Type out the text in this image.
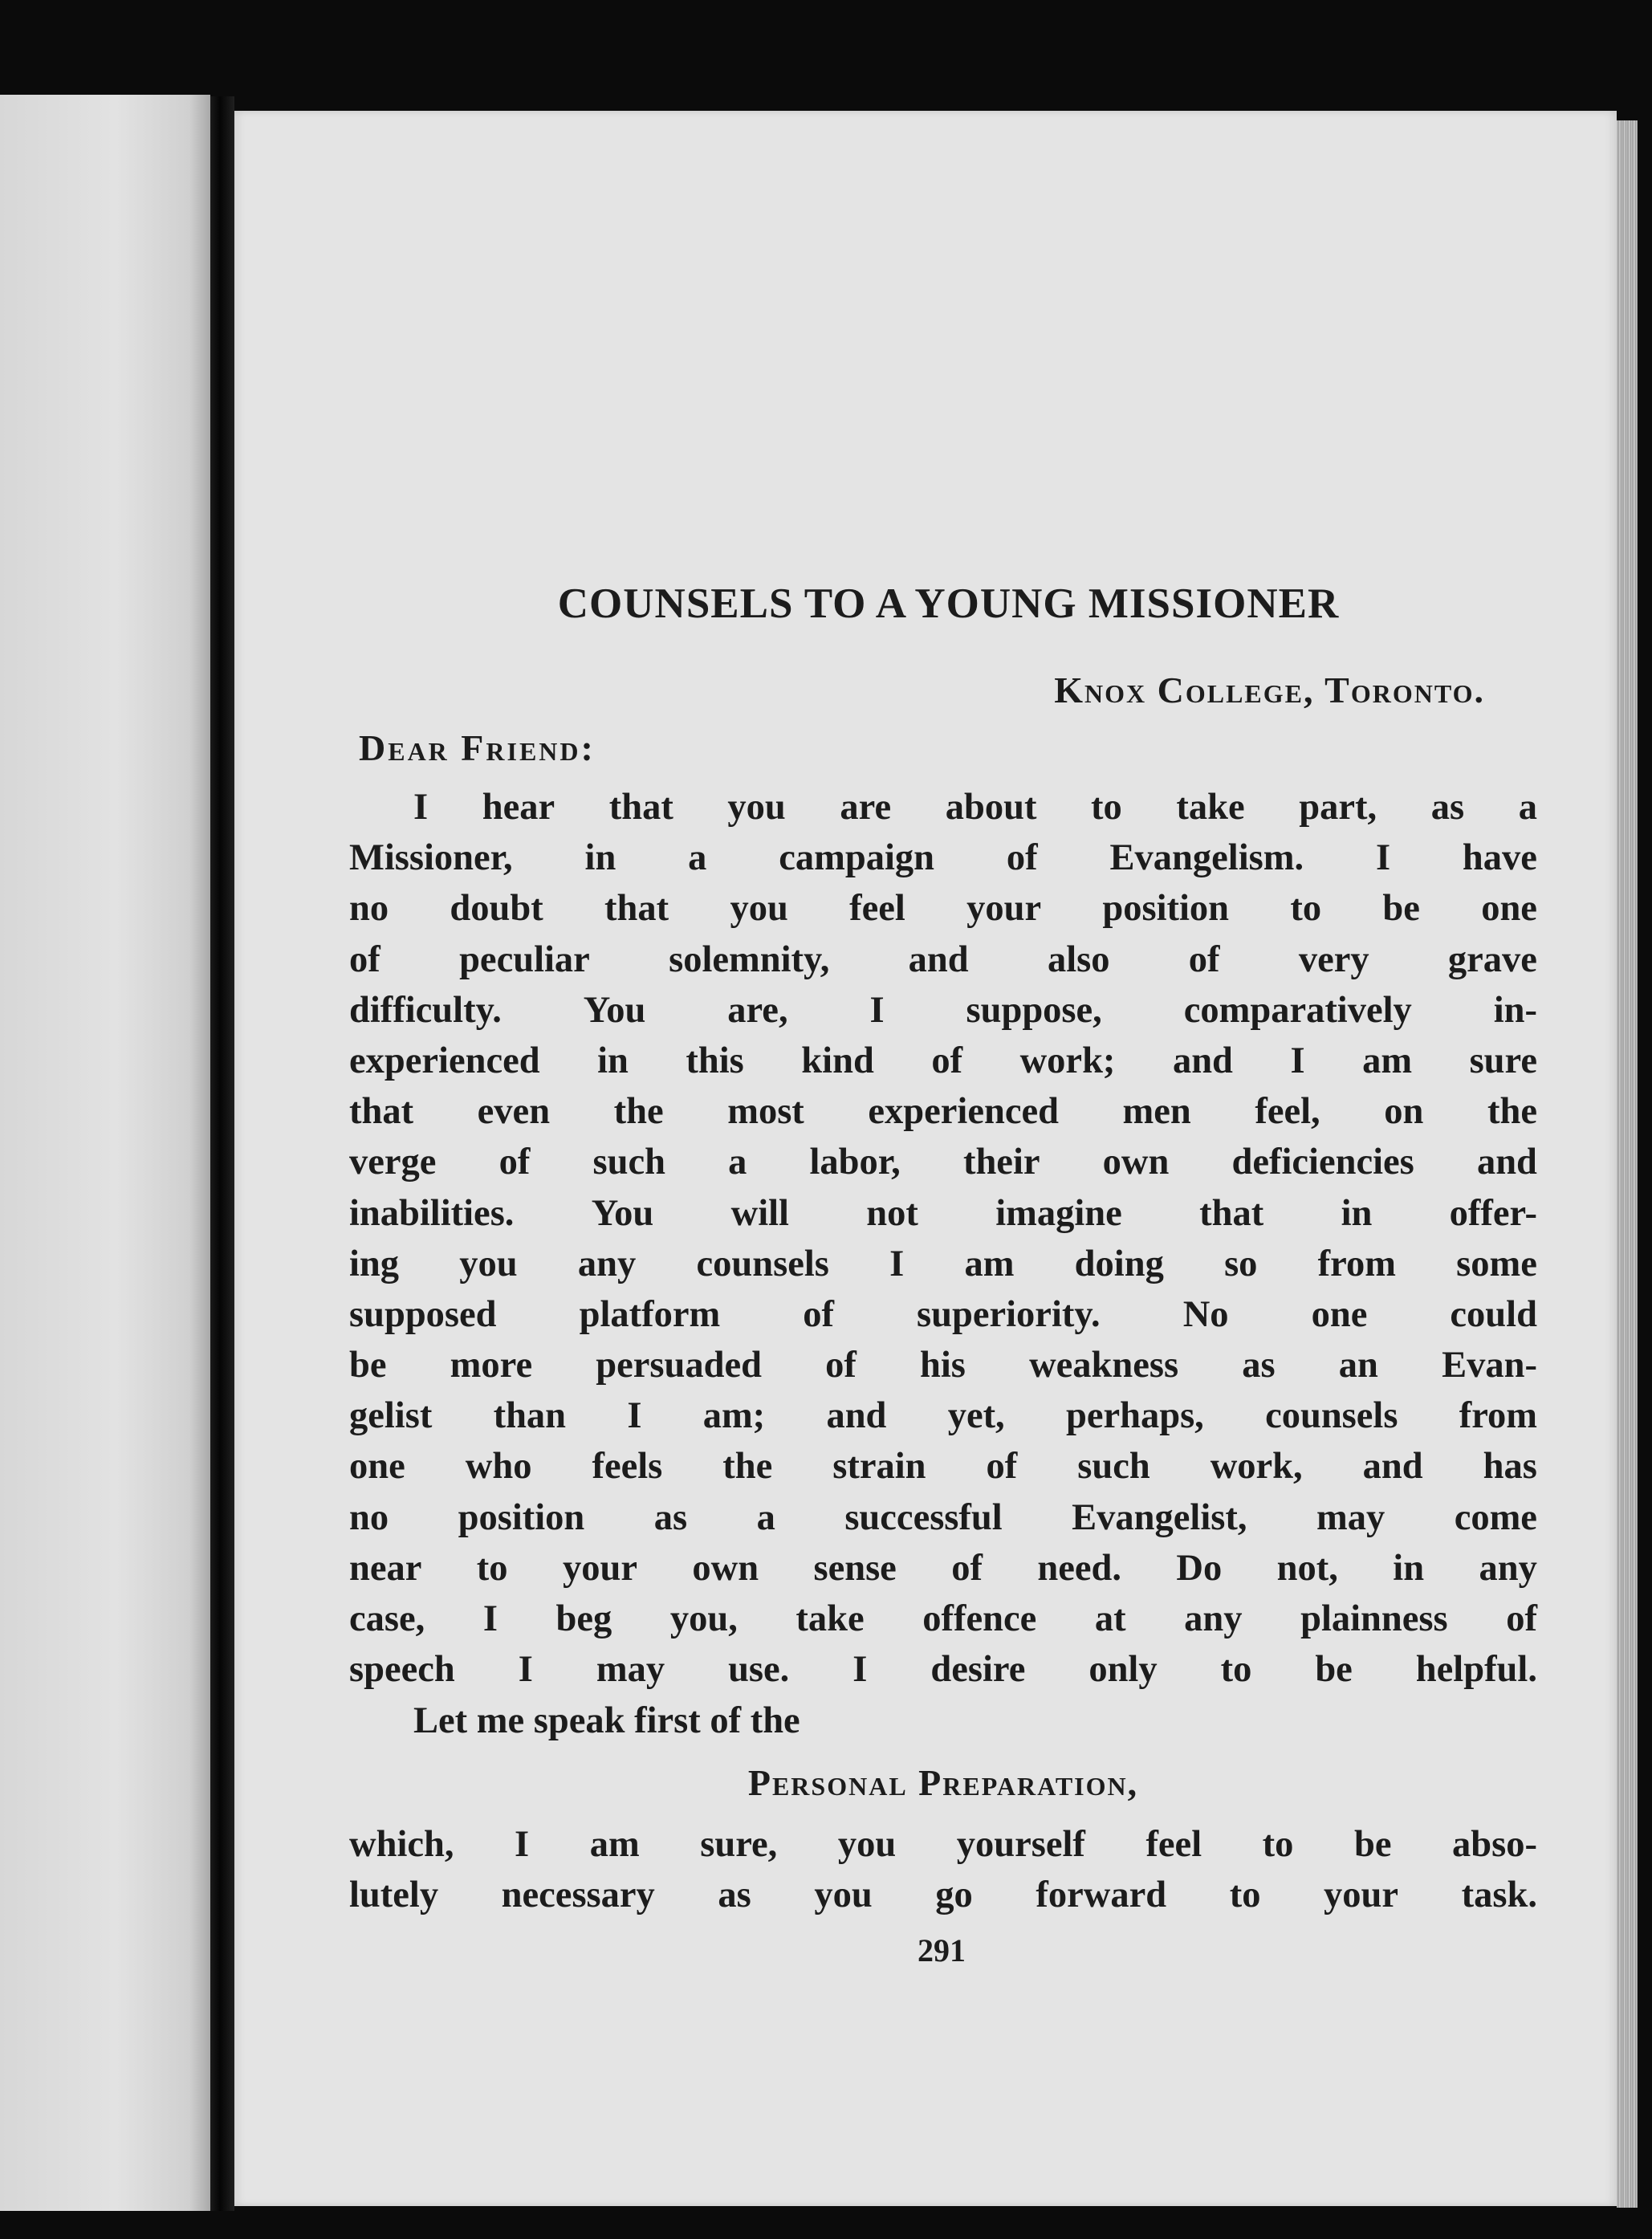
COUNSELS TO A YOUNG MISSIONER
Knox College, Toronto.
Dear Friend:
I hear that you are about to take part, as a
Missioner, in a campaign of Evangelism. I have
no doubt that you feel your position to be one
of peculiar solemnity, and also of very grave
difficulty. You are, I suppose, comparatively in-
experienced in this kind of work; and I am sure
that even the most experienced men feel, on the
verge of such a labor, their own deficiencies and
inabilities. You will not imagine that in offer-
ing you any counsels I am doing so from some
supposed platform of superiority. No one could
be more persuaded of his weakness as an Evan-
gelist than I am; and yet, perhaps, counsels from
one who feels the strain of such work, and has
no position as a successful Evangelist, may come
near to your own sense of need. Do not, in any
case, I beg you, take offence at any plainness of
speech I may use. I desire only to be helpful.
Let me speak first of the
Personal Preparation,
which, I am sure, you yourself feel to be abso-
lutely necessary as you go forward to your task.
291
